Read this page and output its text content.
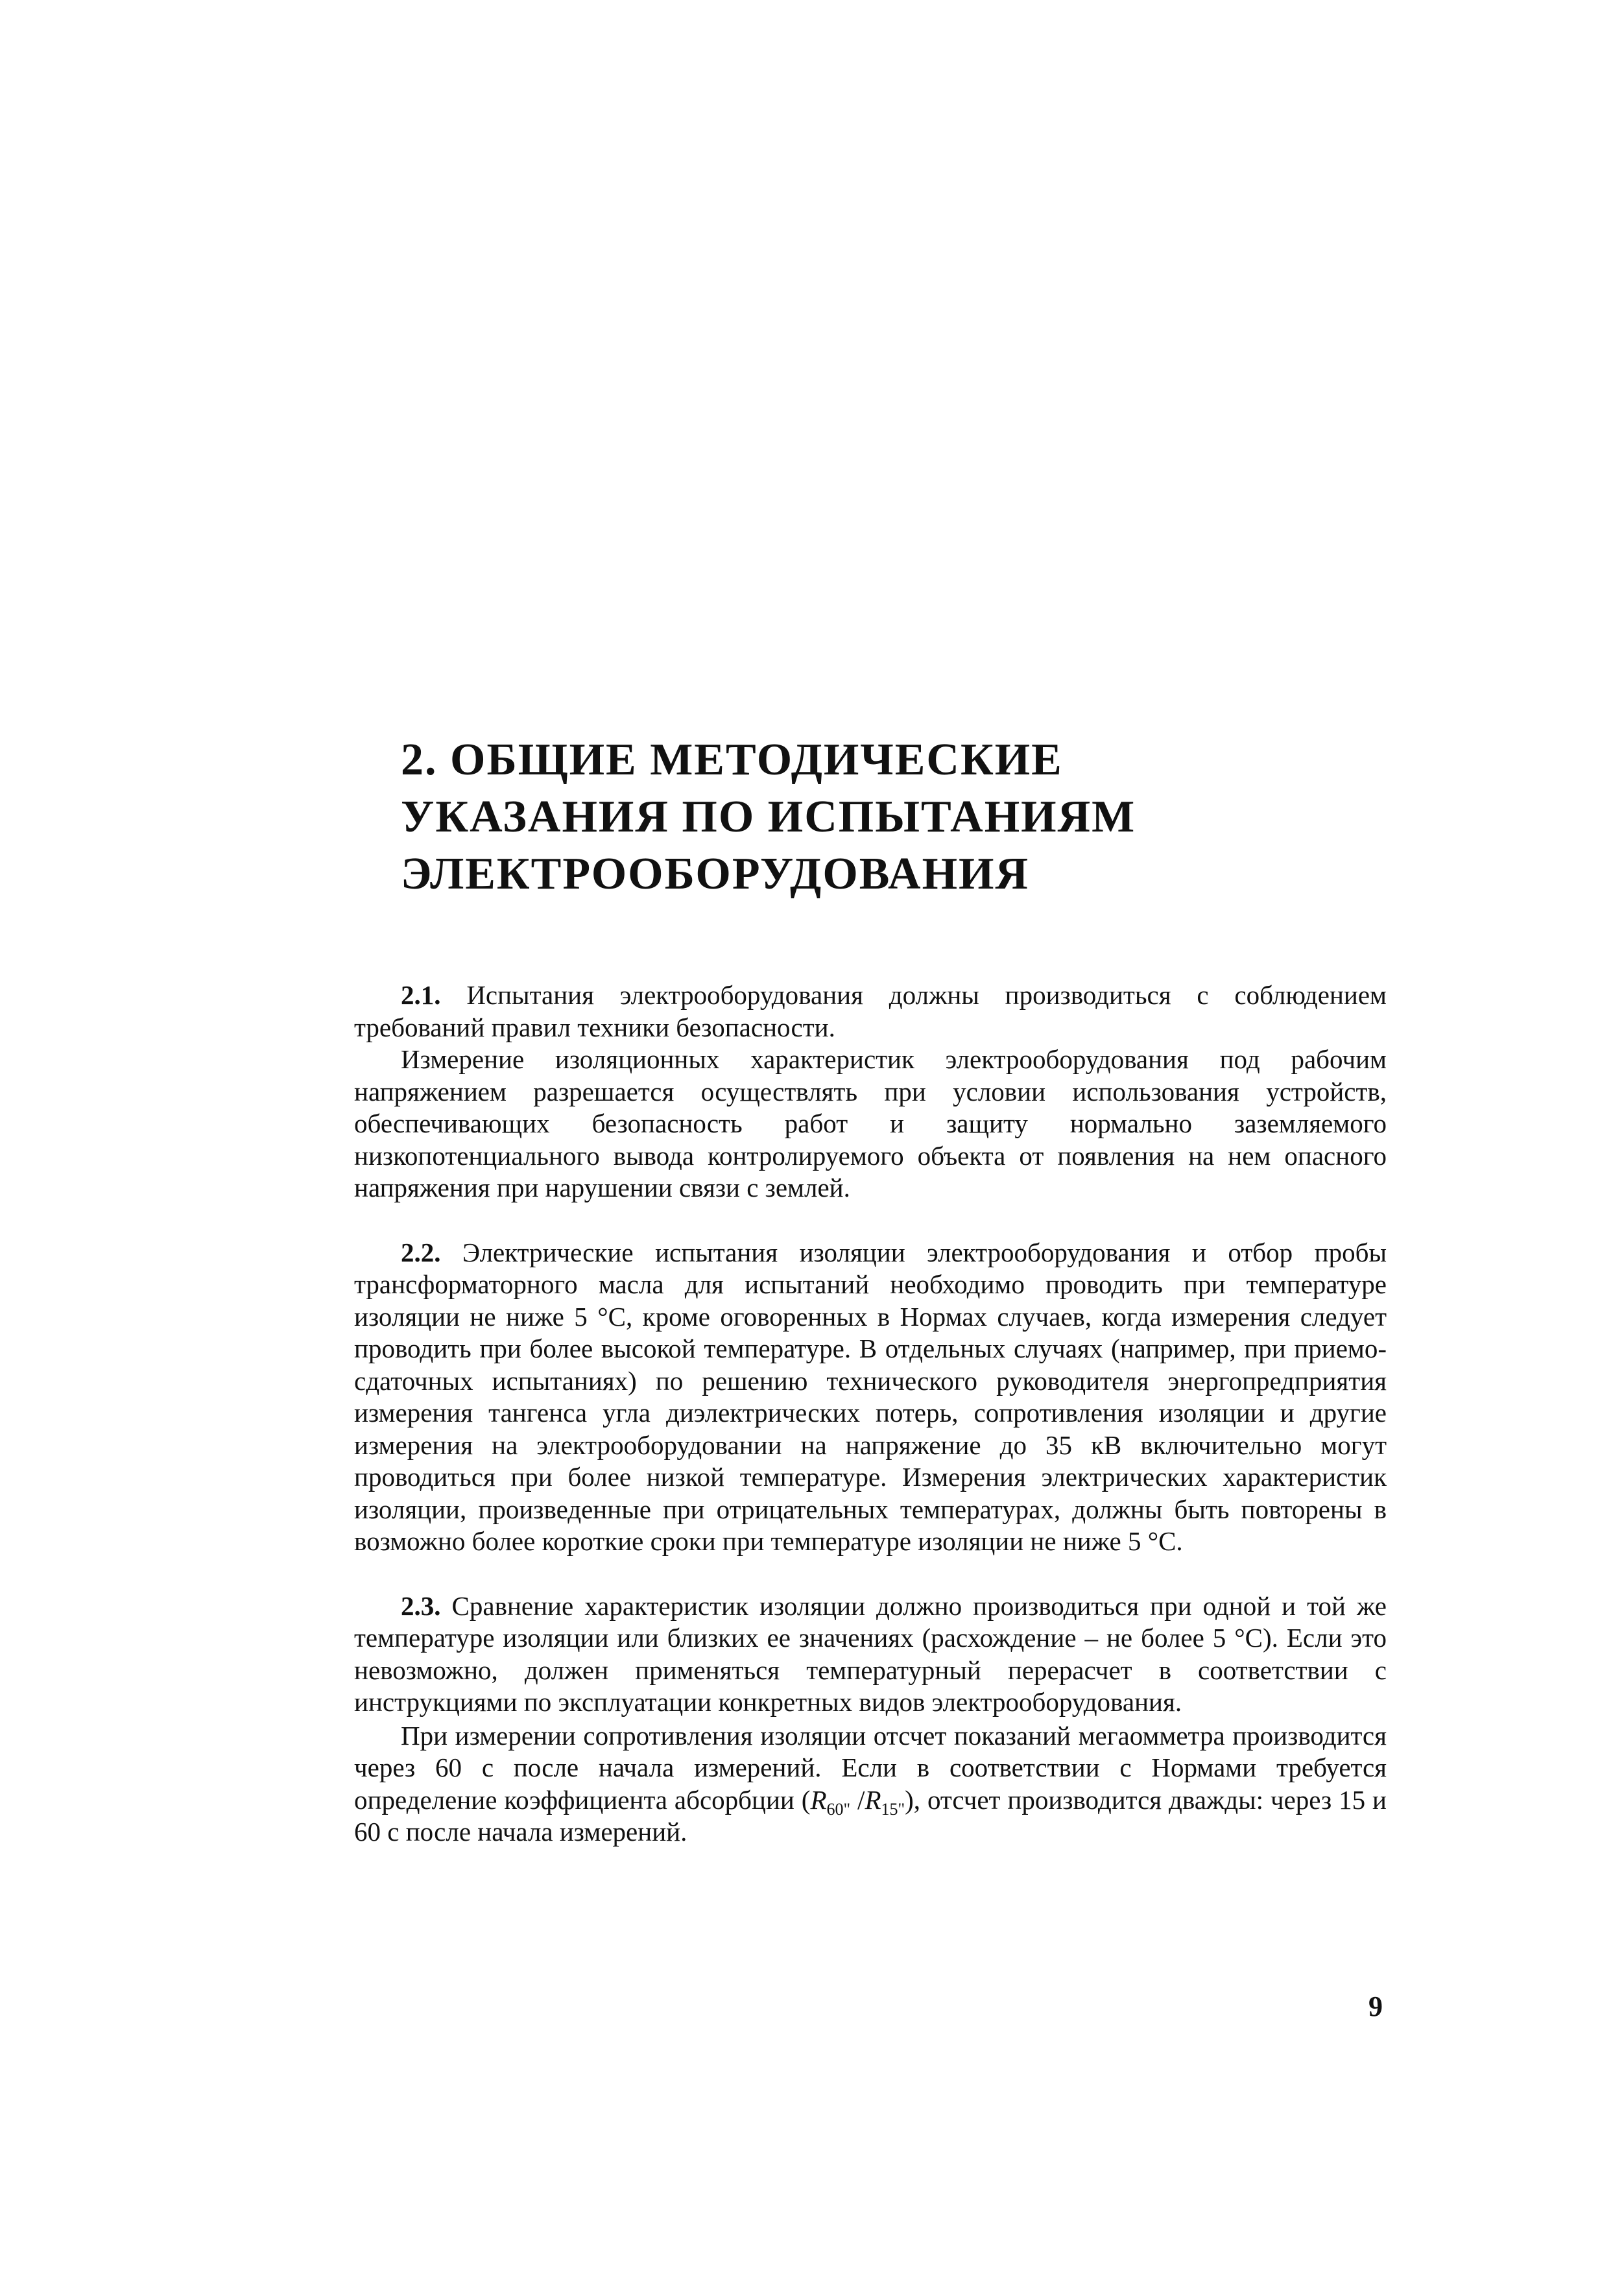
2. ОБЩИЕ МЕТОДИЧЕСКИЕ
УКАЗАНИЯ ПО ИСПЫТАНИЯМ
ЭЛЕКТРООБОРУДОВАНИЯ

2.1. Испытания электрооборудования должны производиться с соблюдением требований правил техники безопасности.

Измерение изоляционных характеристик электрооборудования под рабочим напряжением разрешается осуществлять при условии использования устройств, обеспечивающих безопасность работ и защиту нормально заземляемого низкопотенциального вывода контролируемого объекта от появления на нем опасного напряжения при нарушении связи с землей.

2.2. Электрические испытания изоляции электрооборудования и отбор пробы трансформаторного масла для испытаний необходимо проводить при температуре изоляции не ниже 5 °С, кроме оговоренных в Нормах случаев, когда измерения следует проводить при более высокой температуре. В отдельных случаях (например, при приемо-сдаточных испытаниях) по решению технического руководителя энергопредприятия измерения тангенса угла диэлектрических потерь, сопротивления изоляции и другие измерения на электрооборудовании на напряжение до 35 кВ включительно могут проводиться при более низкой температуре. Измерения электрических характеристик изоляции, произведенные при отрицательных температурах, должны быть повторены в возможно более короткие сроки при температуре изоляции не ниже 5 °С.

2.3. Сравнение характеристик изоляции должно производиться при одной и той же температуре изоляции или близких ее значениях (расхождение – не более 5 °С). Если это невозможно, должен применяться температурный перерасчет в соответствии с инструкциями по эксплуатации конкретных видов электрооборудования.

При измерении сопротивления изоляции отсчет показаний мегаомметра производится через 60 с после начала измерений. Если в соответствии с Нормами требуется определение коэффициента абсорбции ($R_{60"}$ $/R_{15"}$), отсчет производится дважды: через 15 и 60 с после начала измерений.

9
